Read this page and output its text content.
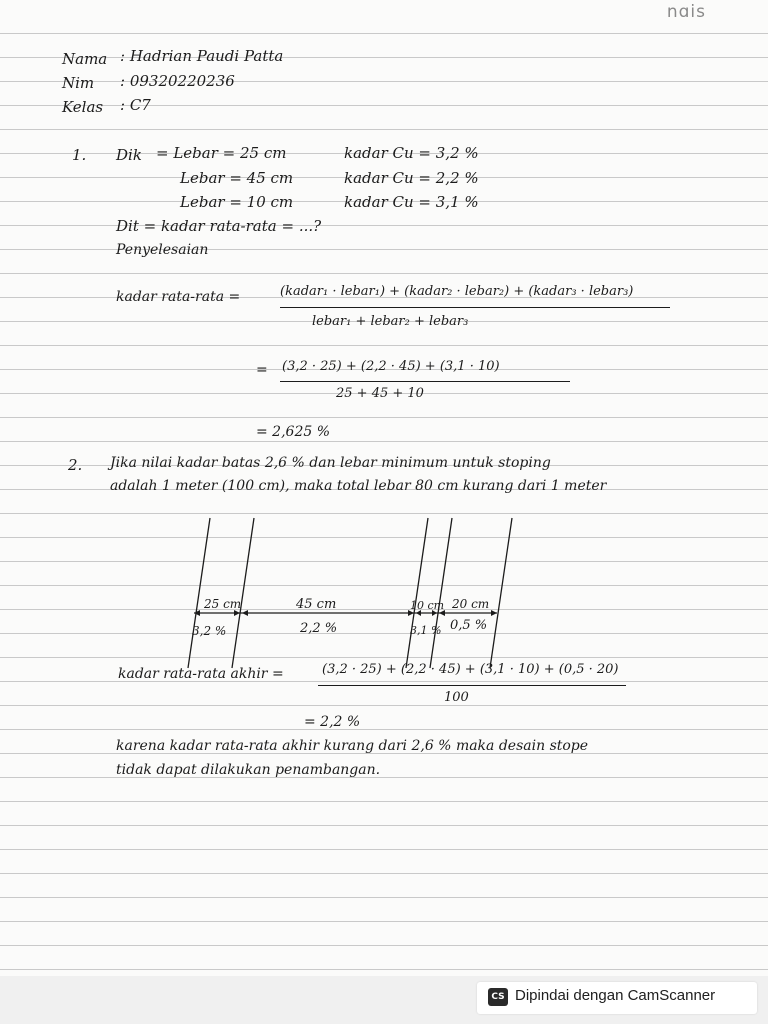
nɑis
Nama : Hadrian Paudi Patta
Nim : 09320220236
Kelas : C7
1. Dik = Lebar = 25 cm	kadar Cu = 3,2 %
Lebar = 45 cm	kadar Cu = 2,2 %
Lebar = 10 cm	kadar Cu = 3,1 %
Dit = kadar rata-rata = ...?
Penyelesaian
kadar rata-rata =	(kadar₁ · lebar₁) + (kadar₂ · lebar₂) + (kadar₃ · lebar₃)
lebar₁ + lebar₂ + lebar₃
= (3,2 · 25) + (2,2 · 45) + (3,1 · 10)
25 + 45 + 10
= 2,625 %
2. Jika nilai kadar batas 2,6 % dan lebar minimum untuk stoping
adalah 1 meter (100 cm), maka total lebar 80 cm kurang dari 1 meter
25 cm
3,2 %
45 cm
2,2 %
10 cm
3,1 %
20 cm
0,5 %
kadar rata-rata akhir =	(3,2 · 25) + (2,2 · 45) + (3,1 · 10) + (0,5 · 20)
100
= 2,2 %
karena kadar rata-rata akhir kurang dari 2,6 % maka desain stope
tidak dapat dilakukan penambangan.
CS Dipindai dengan CamScanner
